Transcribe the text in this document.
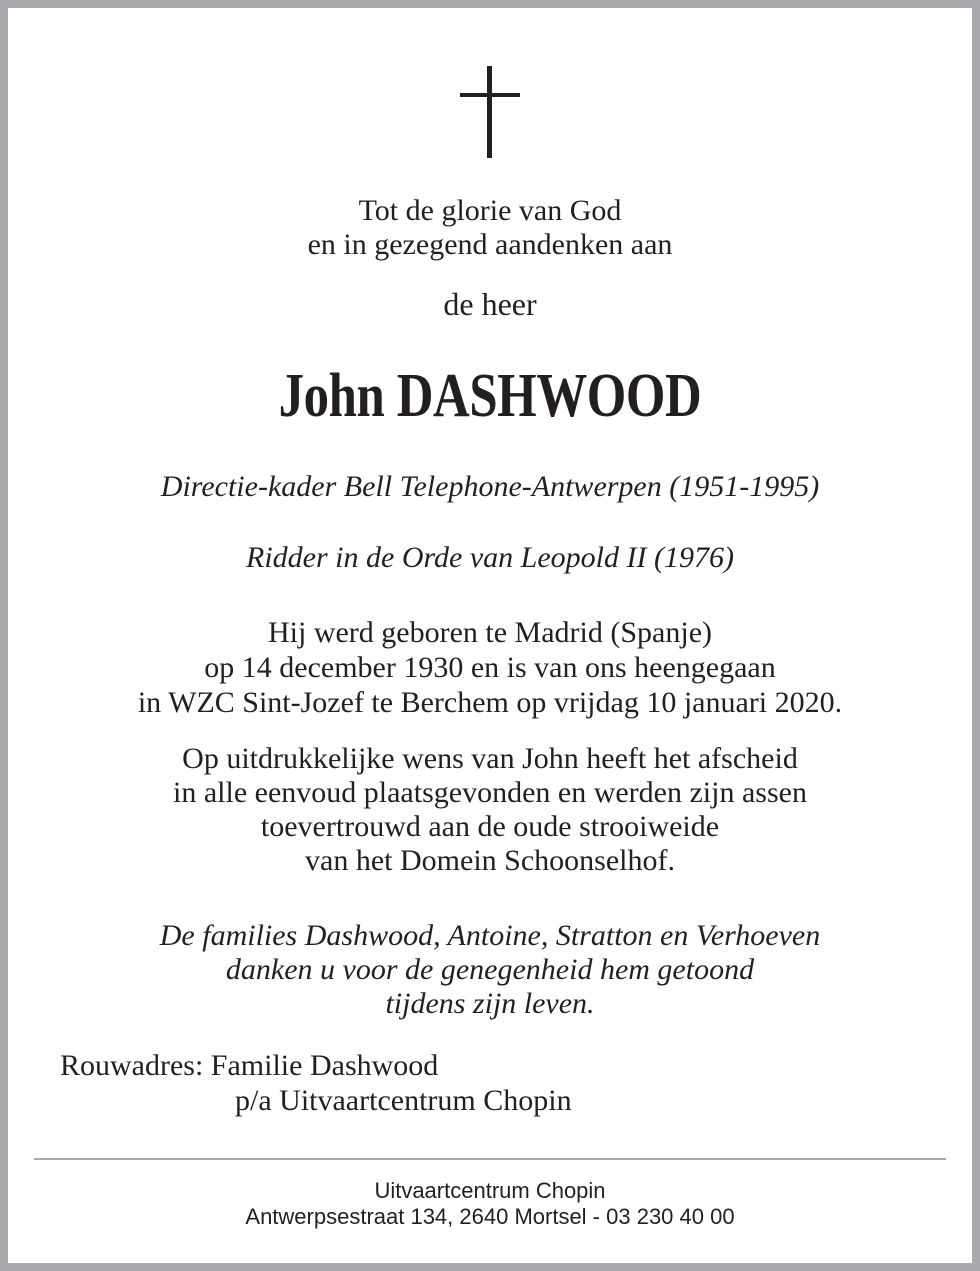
Tot de glorie van God
en in gezegend aandenken aan
de heer
John DASHWOOD
Directie-kader Bell Telephone-Antwerpen (1951-1995)
Ridder in de Orde van Leopold II (1976)
Hij werd geboren te Madrid (Spanje)
op 14 december 1930 en is van ons heengegaan
in WZC Sint-Jozef te Berchem op vrijdag 10 januari 2020.
Op uitdrukkelijke wens van John heeft het afscheid
in alle eenvoud plaatsgevonden en werden zijn assen
toevertrouwd aan de oude strooiweide
van het Domein Schoonselhof.
De families Dashwood, Antoine, Stratton en Verhoeven
danken u voor de genegenheid hem getoond
tijdens zijn leven.
Rouwadres: Familie Dashwood
p/a Uitvaartcentrum Chopin
Uitvaartcentrum Chopin
Antwerpsestraat 134, 2640 Mortsel - 03 230 40 00
